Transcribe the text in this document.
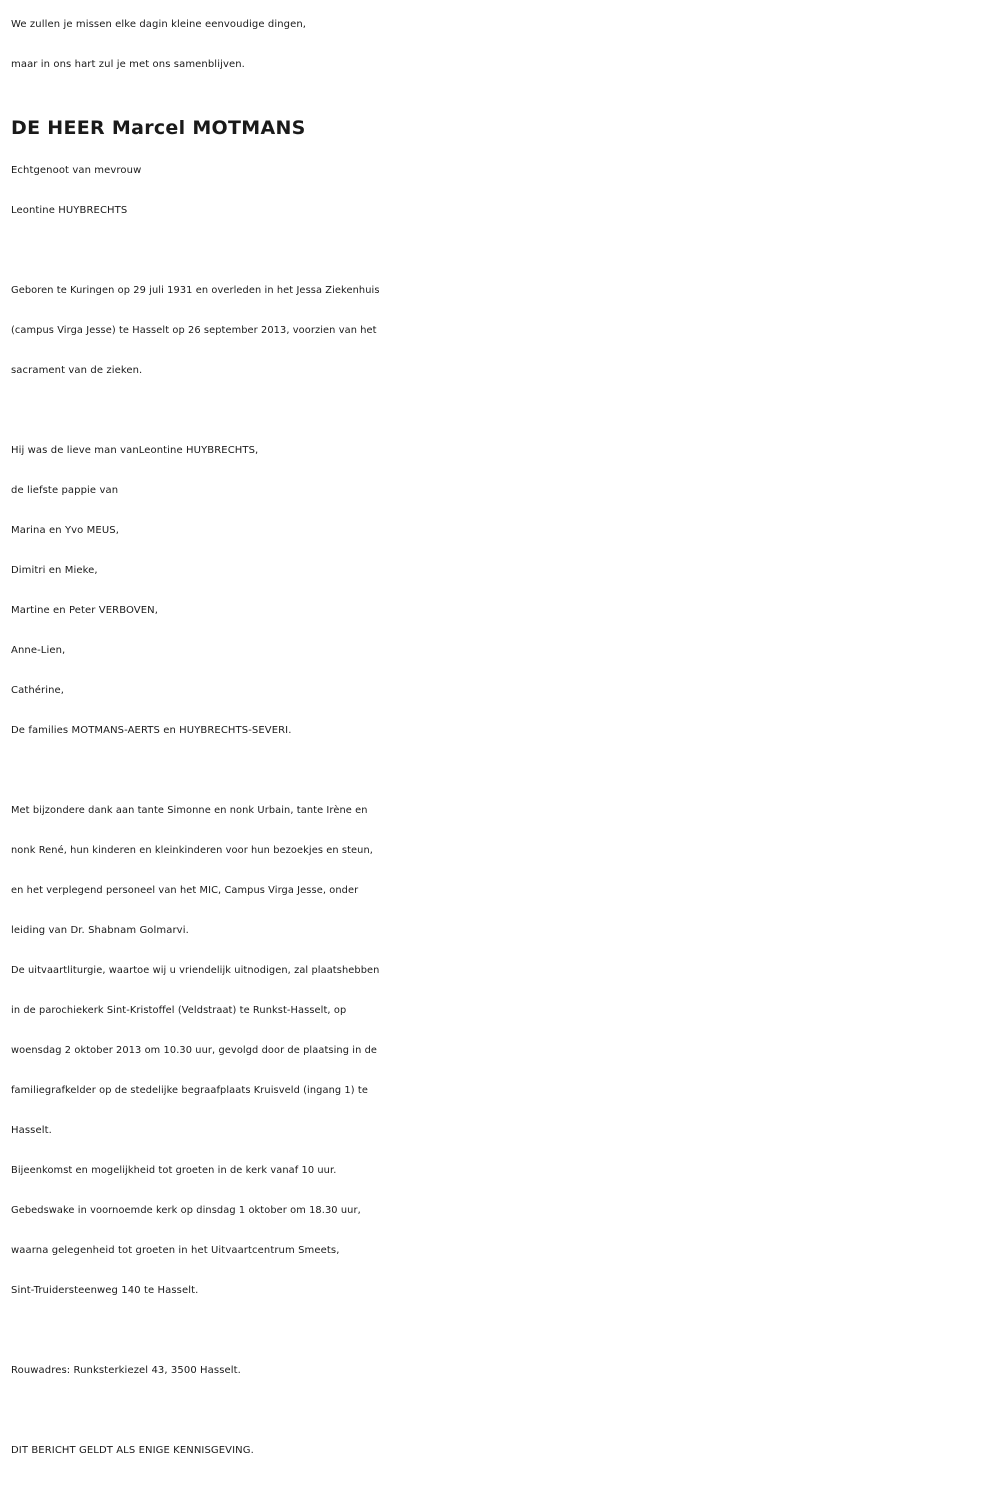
We zullen je missen elke dagin kleine eenvoudige dingen,
maar in ons hart zul je met ons samenblijven.
DE HEER Marcel MOTMANS
Echtgenoot van mevrouw
Leontine HUYBRECHTS
Geboren te Kuringen op 29 juli 1931 en overleden in het Jessa Ziekenhuis
(campus Virga Jesse) te Hasselt op 26 september 2013, voorzien van het
sacrament van de zieken.
Hij was de lieve man vanLeontine HUYBRECHTS,
de liefste pappie van
Marina en Yvo MEUS,
Dimitri en Mieke,
Martine en Peter VERBOVEN,
Anne-Lien,
Cathérine,
De families MOTMANS-AERTS en HUYBRECHTS-SEVERI.
Met bijzondere dank aan tante Simonne en nonk Urbain, tante Irène en
nonk René, hun kinderen en kleinkinderen voor hun bezoekjes en steun,
en het verplegend personeel van het MIC, Campus Virga Jesse, onder
leiding van Dr. Shabnam Golmarvi.
De uitvaartliturgie, waartoe wij u vriendelijk uitnodigen, zal plaatshebben
in de parochiekerk Sint-Kristoffel (Veldstraat) te Runkst-Hasselt, op
woensdag 2 oktober 2013 om 10.30 uur, gevolgd door de plaatsing in de
familiegrafkelder op de stedelijke begraafplaats Kruisveld (ingang 1) te
Hasselt.
Bijeenkomst en mogelijkheid tot groeten in de kerk vanaf 10 uur.
Gebedswake in voornoemde kerk op dinsdag 1 oktober om 18.30 uur,
waarna gelegenheid tot groeten in het Uitvaartcentrum Smeets,
Sint-Truidersteenweg 140 te Hasselt.
Rouwadres: Runksterkiezel 43, 3500 Hasselt.
DIT BERICHT GELDT ALS ENIGE KENNISGEVING.
